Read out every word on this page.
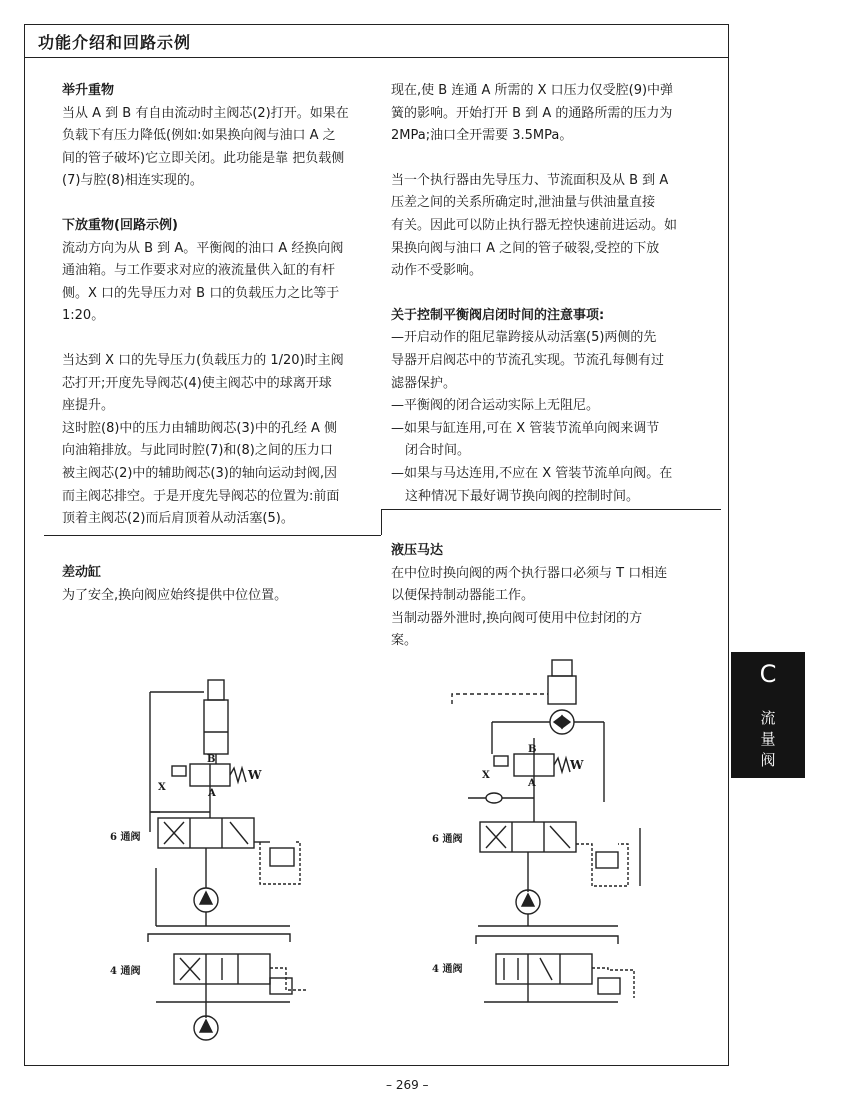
功能介绍和回路示例

举升重物

当从 A 到 B 有自由流动时主阀芯(2)打开。如果在

负载下有压力降低(例如:如果换向阀与油口 A 之

间的管子破坏)它立即关闭。此功能是靠 把负载侧

(7)与腔(8)相连实现的。

下放重物(回路示例)

流动方向为从 B 到 A。平衡阀的油口 A 经换向阀

通油箱。与工作要求对应的液流量供入缸的有杆

侧。X 口的先导压力对 B 口的负载压力之比等于

1:20。

当达到 X 口的先导压力(负载压力的 1/20)时主阀

芯打开;开度先导阀芯(4)使主阀芯中的球离开球

座提升。

这时腔(8)中的压力由辅助阀芯(3)中的孔经 A 侧

向油箱排放。与此同时腔(7)和(8)之间的压力口

被主阀芯(2)中的辅助阀芯(3)的轴向运动封阀,因

而主阀芯排空。于是开度先导阀芯的位置为:前面

顶着主阀芯(2)而后肩顶着从动活塞(5)。

差动缸

为了安全,换向阀应始终提供中位位置。

现在,使 B 连通 A 所需的 X 口压力仅受腔(9)中弹

簧的影响。开始打开 B 到 A 的通路所需的压力为

2MPa;油口全开需要 3.5MPa。

当一个执行器由先导压力、节流面积及从 B 到 A

压差之间的关系所确定时,泄油量与供油量直接

有关。因此可以防止执行器无控快速前进运动。如

果换向阀与油口 A 之间的管子破裂,受控的下放

动作不受影响。

关于控制平衡阀启闭时间的注意事项:

—开启动作的阻尼靠跨接从动活塞(5)两侧的先

导器开启阀芯中的节流孔实现。节流孔每侧有过

滤器保护。

—平衡阀的闭合运动实际上无阻尼。

—如果与缸连用,可在 X 管装节流单向阀来调节

闭合时间。

—如果与马达连用,不应在 X 管装节流单向阀。在

这种情况下最好调节换向阀的控制时间。

液压马达

在中位时换向阀的两个执行器口必须与 T 口相连

以便保持制动器能工作。

当制动器外泄时,换向阀可使用中位封闭的方

案。

B
A
X
W
6 通阀
4 通阀
B
A
X
W
6 通阀
4 通阀
C
流
量
阀
– 269 –
